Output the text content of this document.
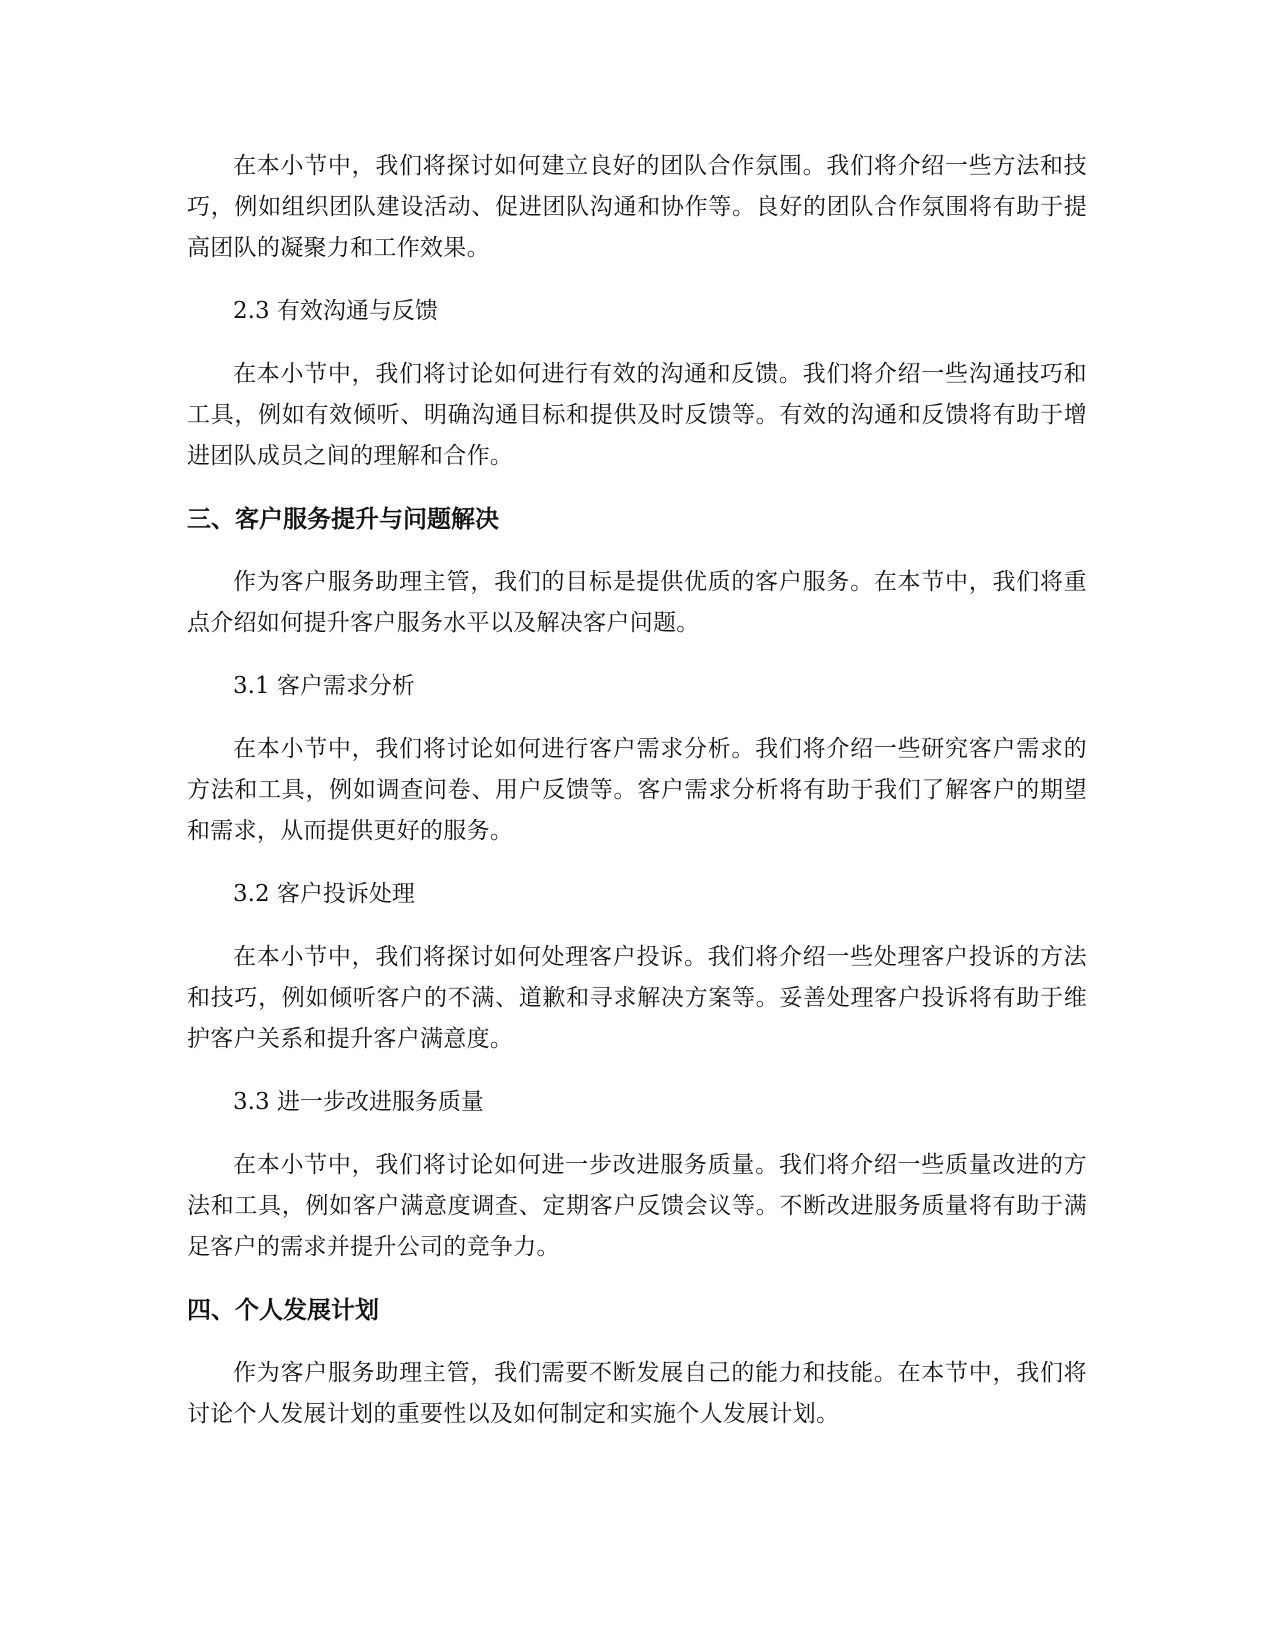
在本小节中，我们将探讨如何建立良好的团队合作氛围。我们将介绍一些方法和技巧，例如组织团队建设活动、促进团队沟通和协作等。良好的团队合作氛围将有助于提高团队的凝聚力和工作效果。

2.3 有效沟通与反馈

在本小节中，我们将讨论如何进行有效的沟通和反馈。我们将介绍一些沟通技巧和工具，例如有效倾听、明确沟通目标和提供及时反馈等。有效的沟通和反馈将有助于增进团队成员之间的理解和合作。

三、客户服务提升与问题解决

作为客户服务助理主管，我们的目标是提供优质的客户服务。在本节中，我们将重点介绍如何提升客户服务水平以及解决客户问题。

3.1 客户需求分析

在本小节中，我们将讨论如何进行客户需求分析。我们将介绍一些研究客户需求的方法和工具，例如调查问卷、用户反馈等。客户需求分析将有助于我们了解客户的期望和需求，从而提供更好的服务。

3.2 客户投诉处理

在本小节中，我们将探讨如何处理客户投诉。我们将介绍一些处理客户投诉的方法和技巧，例如倾听客户的不满、道歉和寻求解决方案等。妥善处理客户投诉将有助于维护客户关系和提升客户满意度。

3.3 进一步改进服务质量

在本小节中，我们将讨论如何进一步改进服务质量。我们将介绍一些质量改进的方法和工具，例如客户满意度调查、定期客户反馈会议等。不断改进服务质量将有助于满足客户的需求并提升公司的竞争力。

四、个人发展计划

作为客户服务助理主管，我们需要不断发展自己的能力和技能。在本节中，我们将讨论个人发展计划的重要性以及如何制定和实施个人发展计划。
